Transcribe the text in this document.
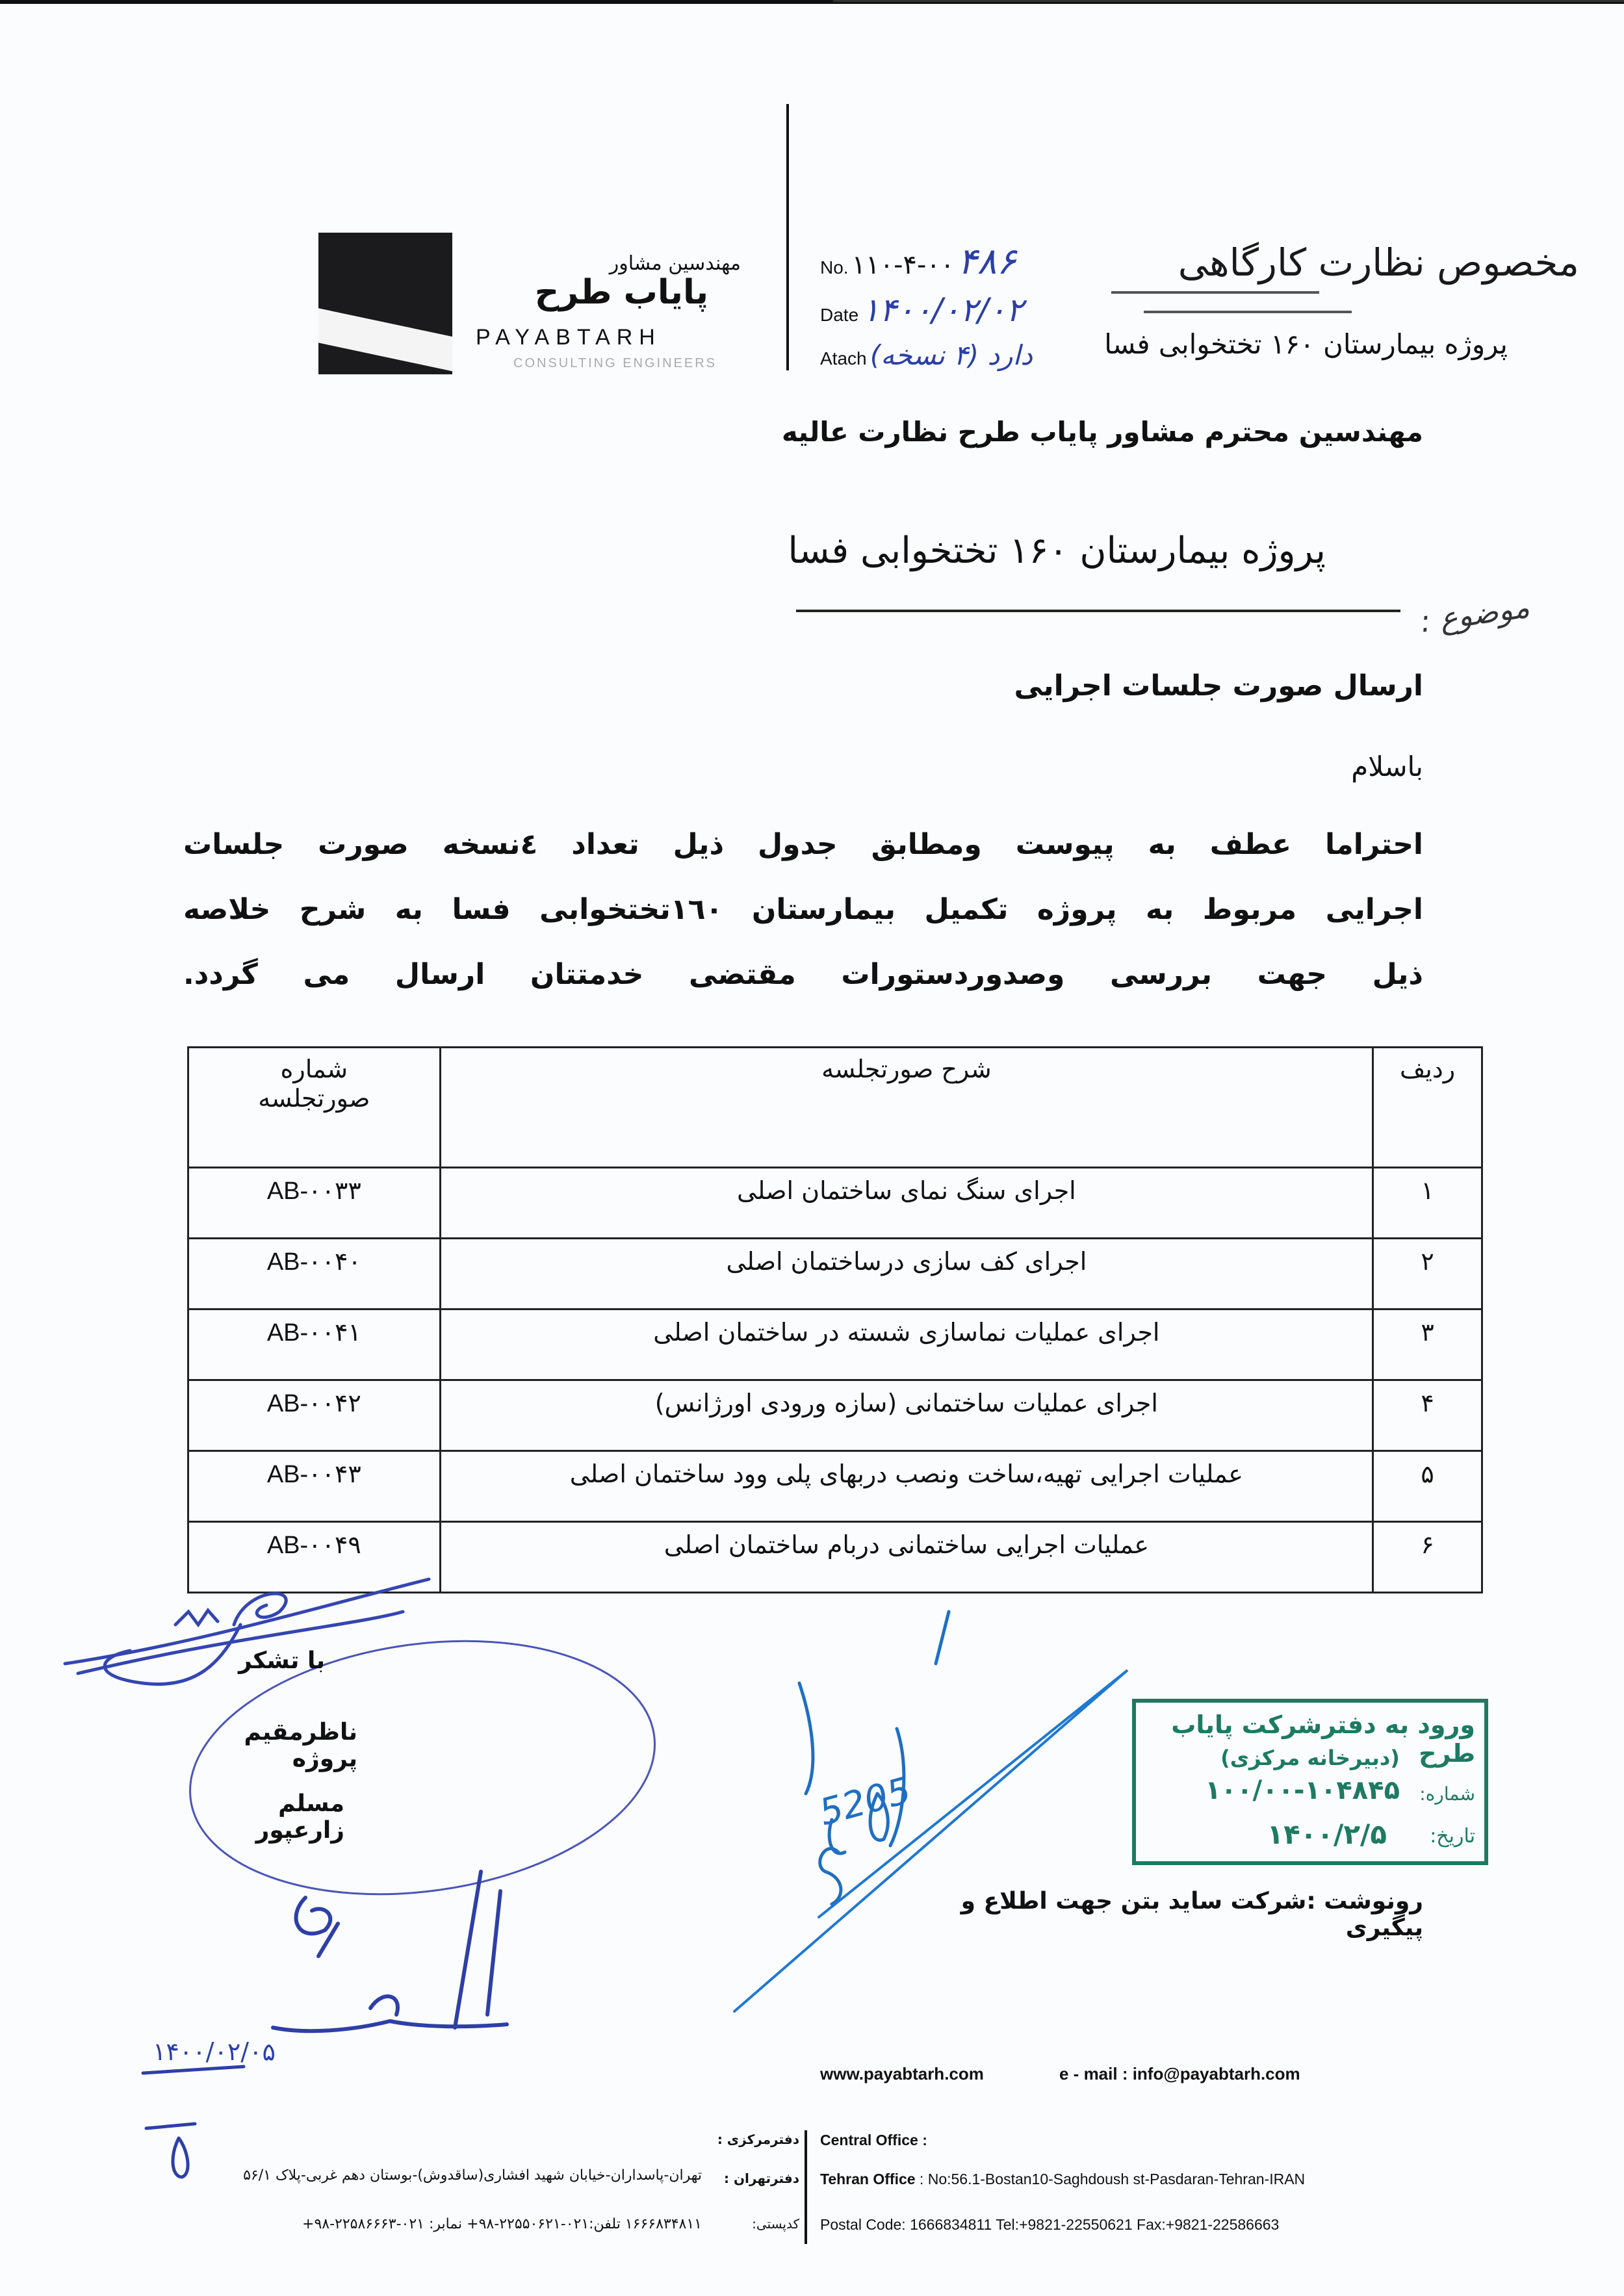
مهندسین مشاور
پایاب طرح
PAYABTARH
CONSULTING ENGINEERS
No. ۱۱۰-۴-۰۰ ۴۸۶
Date ۱۴۰۰/۰۲/۰۲
Atach دارد (۴ نسخه)
مخصوص نظارت کارگاهی
پروژه بیمارستان ۱۶۰ تختخوابی فسا
مهندسین محترم مشاور پایاب طرح نظارت عالیه
پروژه بیمارستان ۱۶۰ تختخوابی فسا
موضوع :
ارسال صورت جلسات اجرایی
باسلام
احتراما عطف به پیوست ومطابق جدول ذیل تعداد ٤نسخه صورت جلسات
اجرایی مربوط به پروژه تکمیل بیمارستان ١٦٠تختخوابی فسا به شرح خلاصه
ذیل جهت بررسی وصدوردستورات مقتضی خدمتتان ارسال می گردد.
شماره صورتجلسه	شرح صورتجلسه	ردیف
AB-۰۰۳۳	اجرای سنگ نمای ساختمان اصلی	۱
AB-۰۰۴۰	اجرای کف سازی درساختمان اصلی	۲
AB-۰۰۴۱	اجرای عملیات نماسازی شسته در ساختمان اصلی	۳
AB-۰۰۴۲	اجرای عملیات ساختمانی (سازه ورودی اورژانس)	۴
AB-۰۰۴۳	عملیات اجرایی تهیه،ساخت ونصب دربهای پلی وود ساختمان اصلی	۵
AB-۰۰۴۹	عملیات اجرایی ساختمانی دربام ساختمان اصلی	۶
۱۴۰۰/۰۲/۰۵
5205
با تشکر
ناظرمقیم پروژه
مسلم زارعپور
ورود به دفترشرکت پایاب طرح
(دبیرخانه مرکزی)
شماره:
۱۰۰/۰۰-۱۰۴۸۴۵
تاریخ:
۱۴۰۰/۲/۵
رونوشت :شرکت ساید بتن جهت اطلاع و پیگیری
www.payabtarh.com	e - mail : info@payabtarh.com
دفترمرکزی : Central Office :
دفترتهران : Tehran Office : No:56.1-Bostan10-Saghdoush st-Pasdaran-Tehran-IRAN
تهران-پاسداران-خیابان شهید افشاری(ساقدوش)-بوستان دهم غربی-پلاک ۵۶/۱
کدپستی: Postal Code: 1666834811 Tel:+9821-22550621 Fax:+9821-22586663
۱۶۶۶۸۳۴۸۱۱ تلفن:۰۲۱-۲۲۵۵۰۶۲۱-۹۸+ نمابر: ۰۲۱-۲۲۵۸۶۶۶۳-۹۸+
